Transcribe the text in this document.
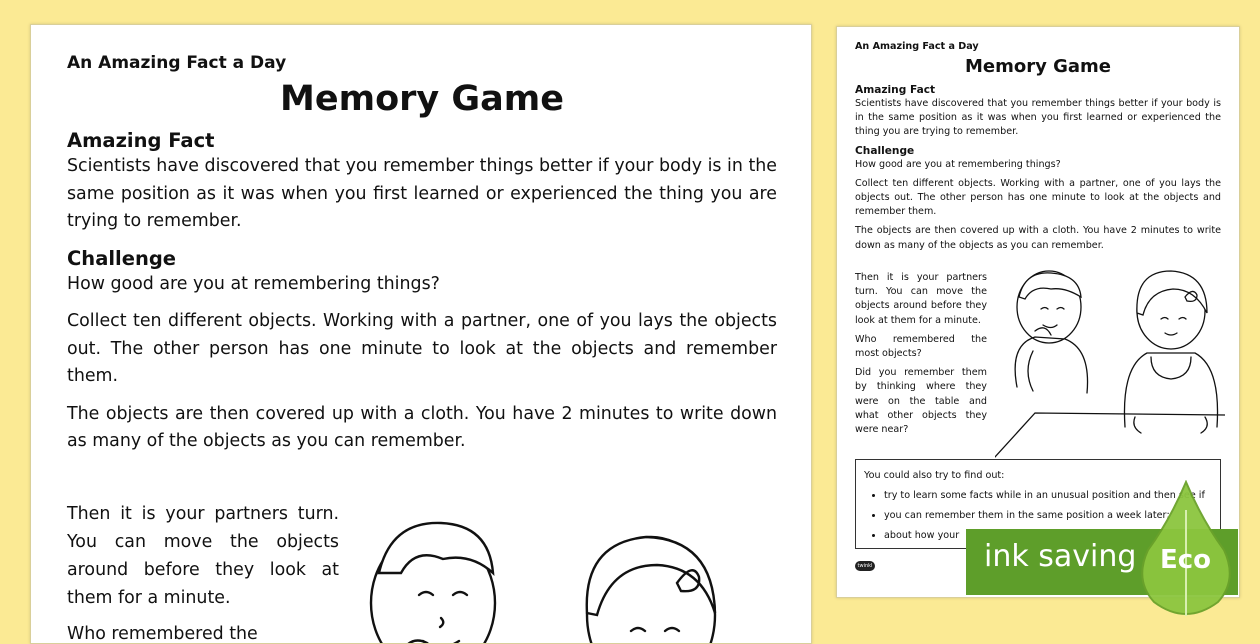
An Amazing Fact a Day
Memory Game
Amazing Fact

Scientists have discovered that you remember things better if your body is in the same position as it was when you first learned or experienced the thing you are trying to remember.

Challenge

How good are you at remembering things?

Collect ten different objects. Working with a partner, one of you lays the objects out. The other person has one minute to look at the objects and remember them.

The objects are then covered up with a cloth. You have 2 minutes to write down as many of the objects as you can remember.

Then it is your partners turn. You can move the objects around before they look at them for a minute.

Who remembered the

An Amazing Fact a Day
Memory Game
Amazing Fact

Scientists have discovered that you remember things better if your body is in the same position as it was when you first learned or experienced the thing you are trying to remember.

Challenge

How good are you at remembering things?

Collect ten different objects. Working with a partner, one of you lays the objects out. The other person has one minute to look at the objects and remember them.

The objects are then covered up with a cloth. You have 2 minutes to write down as many of the objects as you can remember.

Then it is your partners turn. You can move the objects around before they look at them for a minute.

Who remembered the most objects?

Did you remember them by thinking where they were on the table and what other objects they were near?

You could also try to find out:
• try to learn some facts while in an unusual position and then see if
• you can remember them in the same position a week later;
• about how your
twinkl	ink saving Eco
